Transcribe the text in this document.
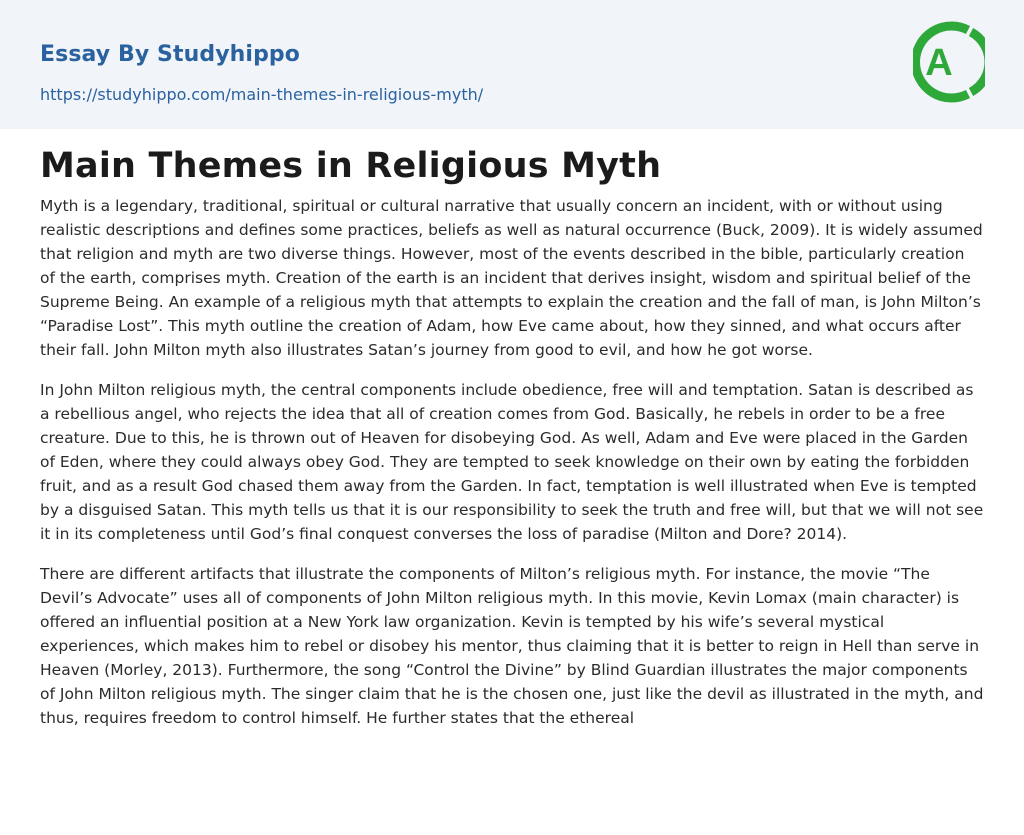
Essay By Studyhippo
https://studyhippo.com/main-themes-in-religious-myth/
A
Main Themes in Religious Myth

Myth is a legendary, traditional, spiritual or cultural narrative that usually concern an incident, with or without using realistic descriptions and defines some practices, beliefs as well as natural occurrence (Buck, 2009). It is widely assumed that religion and myth are two diverse things. However, most of the events described in the bible, particularly creation of the earth, comprises myth. Creation of the earth is an incident that derives insight, wisdom and spiritual belief of the Supreme Being. An example of a religious myth that attempts to explain the creation and the fall of man, is John Milton’s “Paradise Lost”. This myth outline the creation of Adam, how Eve came about, how they sinned, and what occurs after their fall. John Milton myth also illustrates Satan’s journey from good to evil, and how he got worse.

In John Milton religious myth, the central components include obedience, free will and temptation. Satan is described as a rebellious angel, who rejects the idea that all of creation comes from God. Basically, he rebels in order to be a free creature. Due to this, he is thrown out of Heaven for disobeying God. As well, Adam and Eve were placed in the Garden of Eden, where they could always obey God. They are tempted to seek knowledge on their own by eating the forbidden fruit, and as a result God chased them away from the Garden. In fact, temptation is well illustrated when Eve is tempted by a disguised Satan. This myth tells us that it is our responsibility to seek the truth and free will, but that we will not see it in its completeness until God’s final conquest converses the loss of paradise (Milton and Dore? 2014).

There are different artifacts that illustrate the components of Milton’s religious myth. For instance, the movie “The Devil’s Advocate” uses all of components of John Milton religious myth. In this movie, Kevin Lomax (main character) is offered an influential position at a New York law organization. Kevin is tempted by his wife’s several mystical experiences, which makes him to rebel or disobey his mentor, thus claiming that it is better to reign in Hell than serve in Heaven (Morley, 2013). Furthermore, the song “Control the Divine” by Blind Guardian illustrates the major components of John Milton religious myth. The singer claim that he is the chosen one, just like the devil as illustrated in the myth, and thus, requires freedom to control himself. He further states that the ethereal
